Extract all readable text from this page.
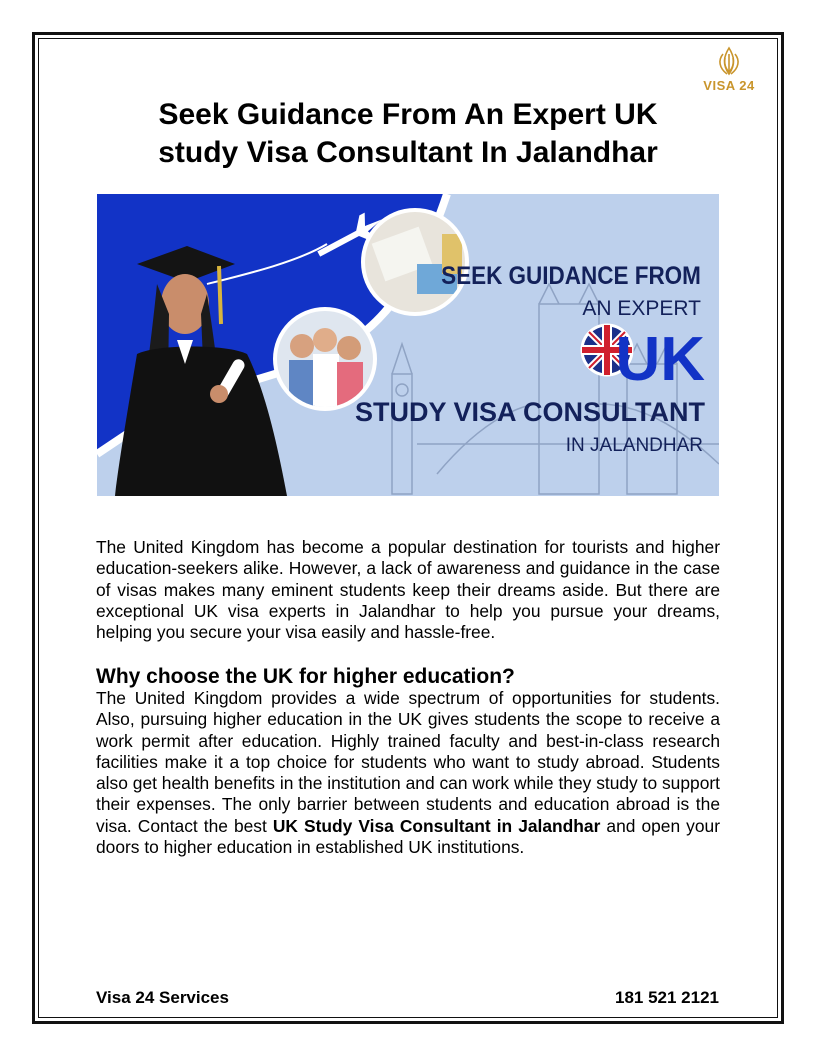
VISA 24
Seek Guidance From An Expert UK
study Visa Consultant In Jalandhar
SEEK GUIDANCE FROM
AN EXPERT
UK
STUDY VISA CONSULTANT
IN JALANDHAR
The United Kingdom has become a popular destination for tourists and higher education-seekers alike. However, a lack of awareness and guidance in the case of visas makes many eminent students keep their dreams aside. But there are exceptional UK visa experts in Jalandhar to help you pursue your dreams, helping you secure your visa easily and hassle-free.
Why choose the UK for higher education?
The United Kingdom provides a wide spectrum of opportunities for students. Also, pursuing higher education in the UK gives students the scope to receive a work permit after education. Highly trained faculty and best-in-class research facilities make it a top choice for students who want to study abroad. Students also get health benefits in the institution and can work while they study to support their expenses. The only barrier between students and education abroad is the visa. Contact the best UK Study Visa Consultant in Jalandhar and open your doors to higher education in established UK institutions.
Visa 24 Services	181 521 2121
